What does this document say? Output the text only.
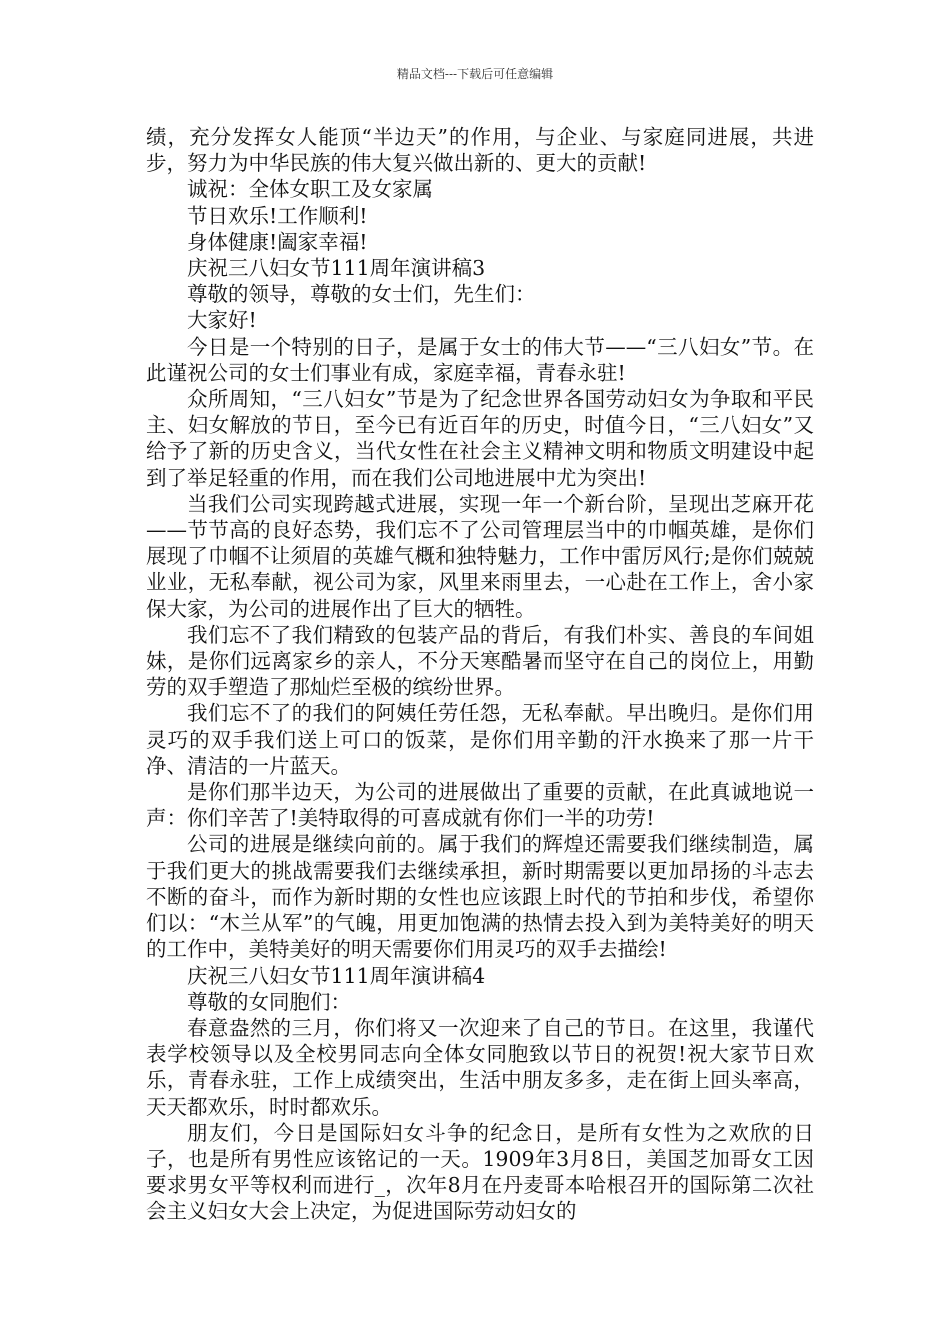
精品文档---下载后可任意编辑

绩，充分发挥女人能顶“半边天”的作用，与企业、与家庭同进展，共进步，努力为中华民族的伟大复兴做出新的、更大的贡献!

诚祝：全体女职工及女家属

节日欢乐!工作顺利!

身体健康!阖家幸福!

庆祝三八妇女节111周年演讲稿3

尊敬的领导，尊敬的女士们，先生们：

大家好!

今日是一个特别的日子，是属于女士的伟大节——“三八妇女”节。在此谨祝公司的女士们事业有成，家庭幸福，青春永驻!

众所周知，“三八妇女”节是为了纪念世界各国劳动妇女为争取和平民主、妇女解放的节日，至今已有近百年的历史，时值今日，“三八妇女”又给予了新的历史含义，当代女性在社会主义精神文明和物质文明建设中起到了举足轻重的作用，而在我们公司地进展中尤为突出!

当我们公司实现跨越式进展，实现一年一个新台阶，呈现出芝麻开花——节节高的良好态势，我们忘不了公司管理层当中的巾帼英雄，是你们展现了巾帼不让须眉的英雄气概和独特魅力，工作中雷厉风行;是你们兢兢业业，无私奉献，视公司为家，风里来雨里去，一心赴在工作上，舍小家保大家，为公司的进展作出了巨大的牺牲。

我们忘不了我们精致的包装产品的背后，有我们朴实、善良的车间姐妹，是你们远离家乡的亲人，不分天寒酷暑而坚守在自己的岗位上，用勤劳的双手塑造了那灿烂至极的缤纷世界。

我们忘不了的我们的阿姨任劳任怨，无私奉献。早出晚归。是你们用灵巧的双手我们送上可口的饭菜，是你们用辛勤的汗水换来了那一片干净、清洁的一片蓝天。

是你们那半边天，为公司的进展做出了重要的贡献，在此真诚地说一声：你们辛苦了!美特取得的可喜成就有你们一半的功劳!

公司的进展是继续向前的。属于我们的辉煌还需要我们继续制造，属于我们更大的挑战需要我们去继续承担，新时期需要以更加昂扬的斗志去不断的奋斗，而作为新时期的女性也应该跟上时代的节拍和步伐，希望你们以：“木兰从军”的气魄，用更加饱满的热情去投入到为美特美好的明天的工作中，美特美好的明天需要你们用灵巧的双手去描绘!

庆祝三八妇女节111周年演讲稿4

尊敬的女同胞们：

春意盎然的三月，你们将又一次迎来了自己的节日。在这里，我谨代表学校领导以及全校男同志向全体女同胞致以节日的祝贺!祝大家节日欢乐，青春永驻，工作上成绩突出，生活中朋友多多，走在街上回头率高，天天都欢乐，时时都欢乐。

朋友们，今日是国际妇女斗争的纪念日，是所有女性为之欢欣的日子，也是所有男性应该铭记的一天。1909年3月8日，美国芝加哥女工因要求男女平等权利而进行_，次年8月在丹麦哥本哈根召开的国际第二次社会主义妇女大会上决定，为促进国际劳动妇女的
